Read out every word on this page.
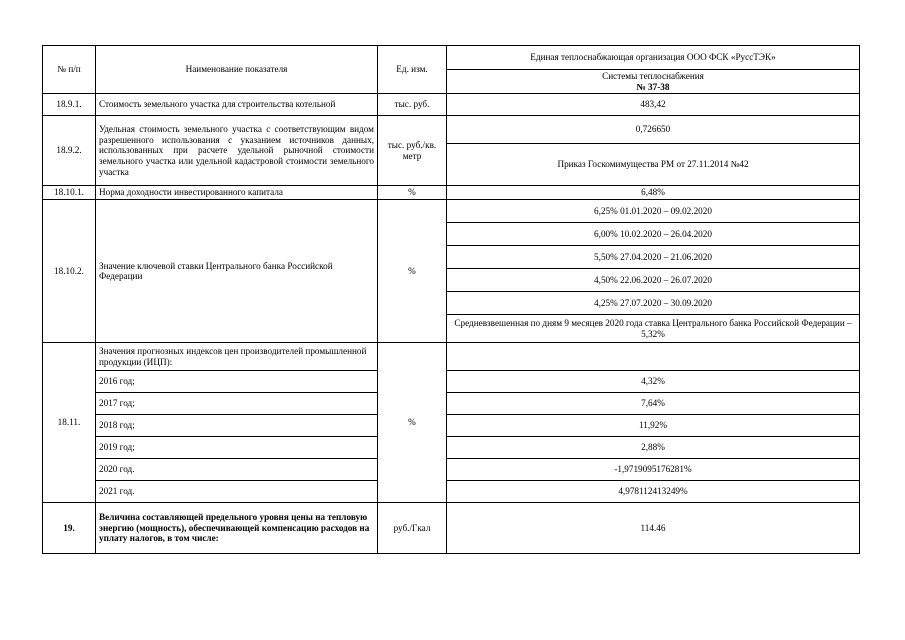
№ п/п	Наименование показателя	Ед. изм.	Единая теплоснабжающая организация ООО ФСК «РуссТЭК»

			Системы теплоснабжения
№ 37-38

18.9.1.	Стоимость земельного участка для строительства котельной	тыс. руб.	483,42
18.9.2.	Удельная стоимость земельного участка с соответствующим видом разрешенного использования с указанием источников данных, использованных при расчете удельной рыночной стоимости земельного участка или удельной кадастровой стоимости земельного участка	тыс. руб./кв. метр	0,726650
			Приказ Госкомимущества РМ от 27.11.2014 №42
18.10.1.	Норма доходности инвестированного капитала	%	6,48%
18.10.2.	Значение ключевой ставки Центрального банка Российской Федерации	%	6,25% 01.01.2020 – 09.02.2020
			6,00% 10.02.2020 – 26.04.2020
			5,50% 27.04.2020 – 21.06.2020
			4,50% 22.06.2020 – 26.07.2020
			4,25% 27.07.2020 – 30.09.2020
			Средневзвешенная по дням 9 месяцев 2020 года ставка Центрального банка Российской Федерации – 5,32%
18.11.	Значения прогнозных индексов цен производителей промышленной продукции (ИЦП):	%	
	2016 год;		4,32%
	2017 год;		7,64%
	2018 год;		11,92%
	2019 год;		2,88%
	2020 год.		-1,9719095176281%
	2021 год.		4,978112413249%
19.	Величина составляющей предельного уровня цены на тепловую энергию (мощность), обеспечивающей компенсацию расходов на уплату налогов, в том числе:	руб./Гкал	114.46
